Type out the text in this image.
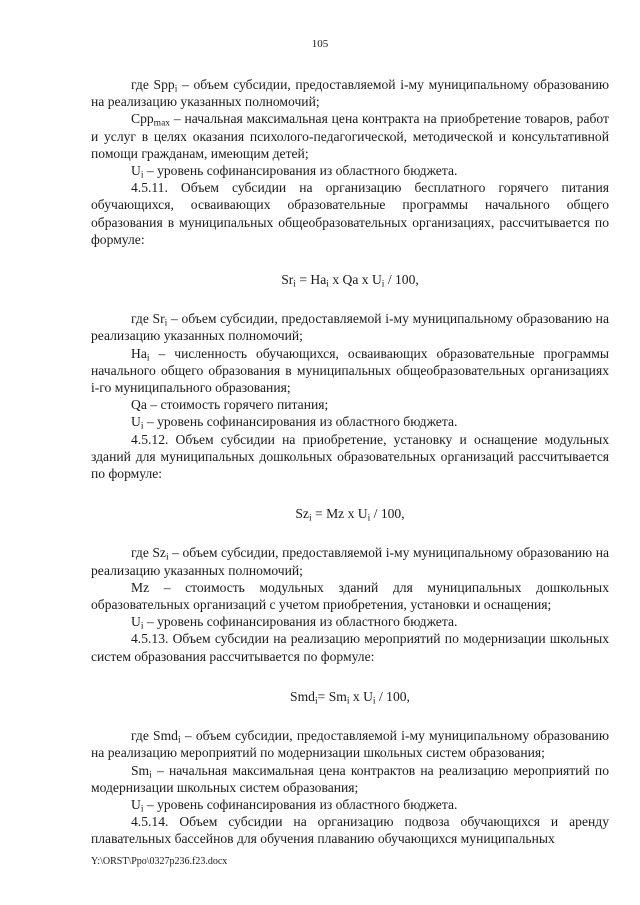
105

где Spp$_i$ – объем субсидии, предоставляемой i-му муниципальному образованию на реализацию указанных полномочий;

Cpp$_{max}$ – начальная максимальная цена контракта на приобретение товаров, работ и услуг в целях оказания психолого-педагогической, методической и консультативной помощи гражданам, имеющим детей;

$U_i$ – уровень софинансирования из областного бюджета.

4.5.11. Объем субсидии на организацию бесплатного горячего питания обучающихся, осваивающих образовательные программы начального общего образования в муниципальных общеобразовательных организациях, рассчитывается по формуле:

$Sr_i = Ha_i$ x Qa x $U_i / 100$,

где $Sr_i$ – объем субсидии, предоставляемой i-му муниципальному образованию на реализацию указанных полномочий;

$Ha_i$ – численность обучающихся, осваивающих образовательные программы начального общего образования в муниципальных общеобразовательных организациях i-го муниципального образования;

Qa – стоимость горячего питания;

$U_i$ – уровень софинансирования из областного бюджета.

4.5.12. Объем субсидии на приобретение, установку и оснащение модульных зданий для муниципальных дошкольных образовательных организаций рассчитывается по формуле:

$Sz_i = Mz$ x $U_i / 100$,

где $Sz_i$ – объем субсидии, предоставляемой i-му муниципальному образованию на реализацию указанных полномочий;

Mz – стоимость модульных зданий для муниципальных дошкольных образовательных организаций с учетом приобретения, установки и оснащения;

$U_i$ – уровень софинансирования из областного бюджета.

4.5.13. Объем субсидии на реализацию мероприятий по модернизации школьных систем образования рассчитывается по формуле:

$Smd_i= Sm_i$ x $U_i / 100$,

где Smd$_i$ – объем субсидии, предоставляемой i-му муниципальному образованию на реализацию мероприятий по модернизации школьных систем образования;

$Sm_i$ – начальная максимальная цена контрактов на реализацию мероприятий по модернизации школьных систем образования;

$U_i$ – уровень софинансирования из областного бюджета.

4.5.14. Объем субсидии на организацию подвоза обучающихся и аренду плавательных бассейнов для обучения плаванию обучающихся муниципальных

Y:\ORST\Ppo\0327p236.f23.docx
